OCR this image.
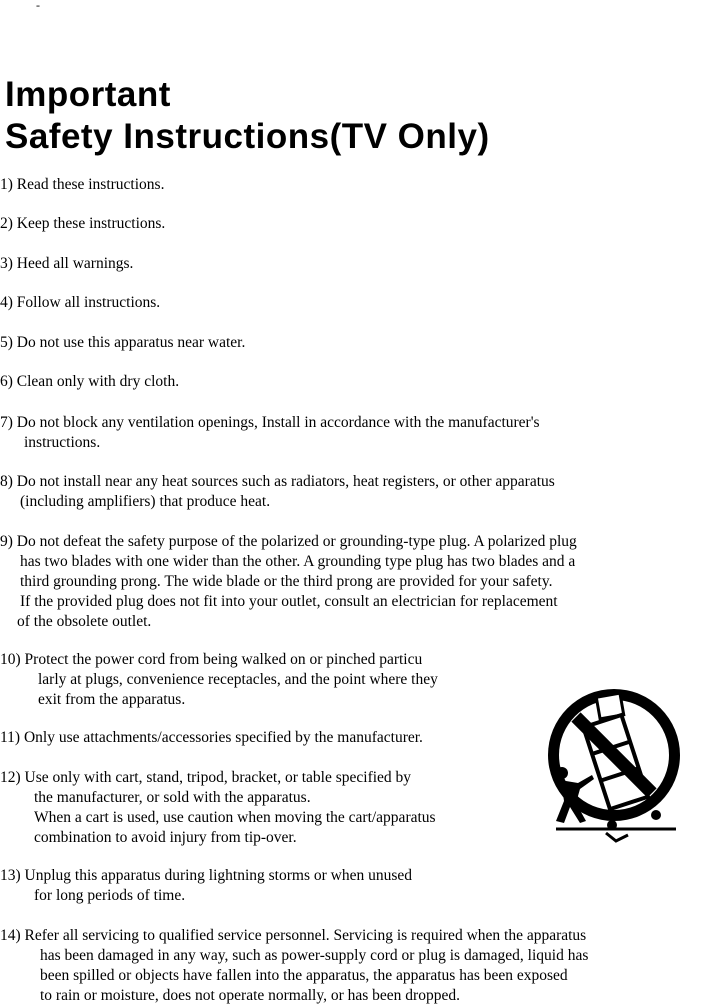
-
Important
Safety Instructions(TV Only)

1) Read these instructions.

2) Keep these instructions.

3) Heed all warnings.

4) Follow all instructions.

5) Do not use this apparatus near water.

6) Clean only with dry cloth.

7) Do not block any ventilation openings, Install in accordance with the manufacturer's
instructions.

8) Do not install near any heat sources such as radiators, heat registers, or other apparatus
(including amplifiers) that produce heat.

9) Do not defeat the safety purpose of the polarized or grounding-type plug. A polarized plug
has two blades with one wider than the other. A grounding type plug has two blades and a
third grounding prong. The wide blade or the third prong are provided for your safety.
If the provided plug does not fit into your outlet, consult an electrician for replacement
of the obsolete outlet.

10) Protect the power cord from being walked on or pinched particu
larly at plugs, convenience receptacles, and the point where they
exit from the apparatus.

11) Only use attachments/accessories specified by the manufacturer.

12) Use only with cart, stand, tripod, bracket, or table specified by
the manufacturer, or sold with the apparatus.
When a cart is used, use caution when moving the cart/apparatus
combination to avoid injury from tip-over.

13) Unplug this apparatus during lightning storms or when unused
for long periods of time.

14) Refer all servicing to qualified service personnel. Servicing is required when the apparatus
has been damaged in any way, such as power-supply cord or plug is damaged, liquid has
been spilled or objects have fallen into the apparatus, the apparatus has been exposed
to rain or moisture, does not operate normally, or has been dropped.
